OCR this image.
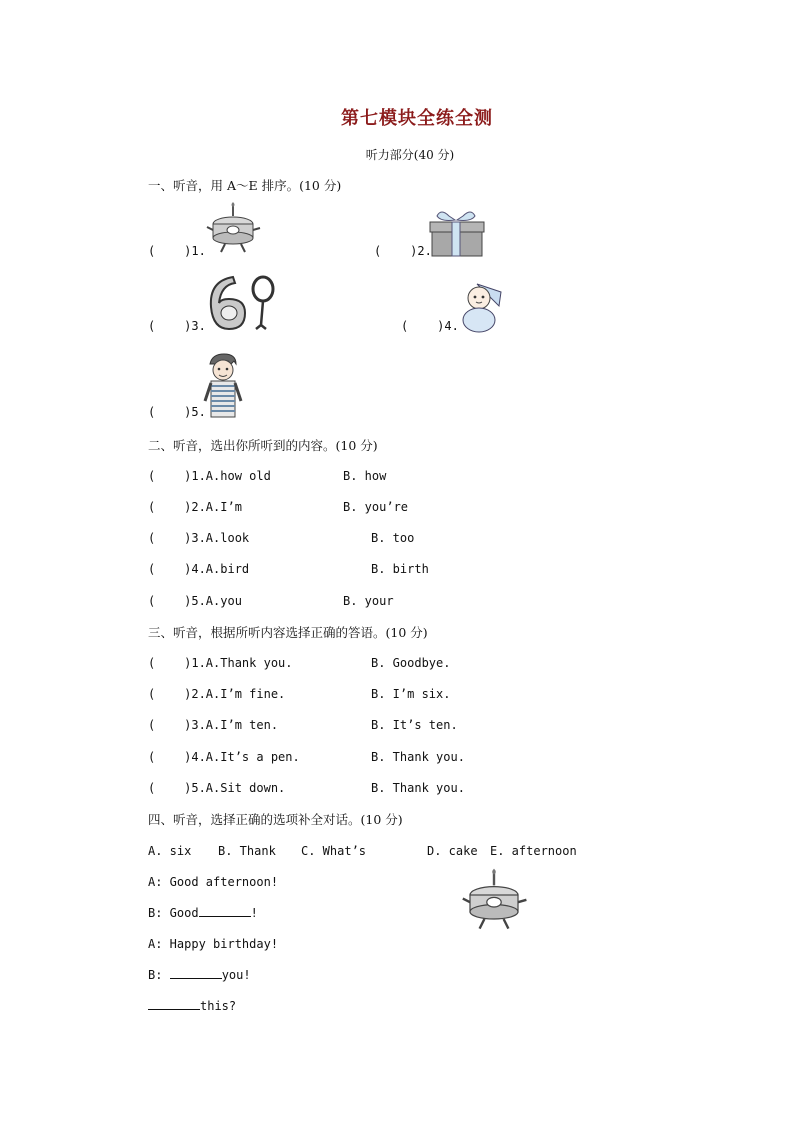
第七模块全练全测
听力部分(40 分)
一、听音，用 A～E 排序。(10 分)
(    )1.	(    )2.
(    )3.	(    )4.
(    )5.
二、听音，选出你所听到的内容。(10 分)
(    )1.A.how old	B. how
(    )2.A.I’m	B. you’re
(    )3.A.look	B. too
(    )4.A.bird	B. birth
(    )5.A.you	B. your
三、听音，根据所听内容选择正确的答语。(10 分)
(    )1.A.Thank you.	B. Goodbye.
(    )2.A.I’m fine.	B. I’m six.
(    )3.A.I’m ten.	B. It’s ten.
(    )4.A.It’s a pen.	B. Thank you.
(    )5.A.Sit down.	B. Thank you.
四、听音，选择正确的选项补全对话。(10 分)
A. six B. Thank C. What’s	D. cake E. afternoon
A: Good afternoon!
B: Good	!
A: Happy birthday!
B:	you!
this?
